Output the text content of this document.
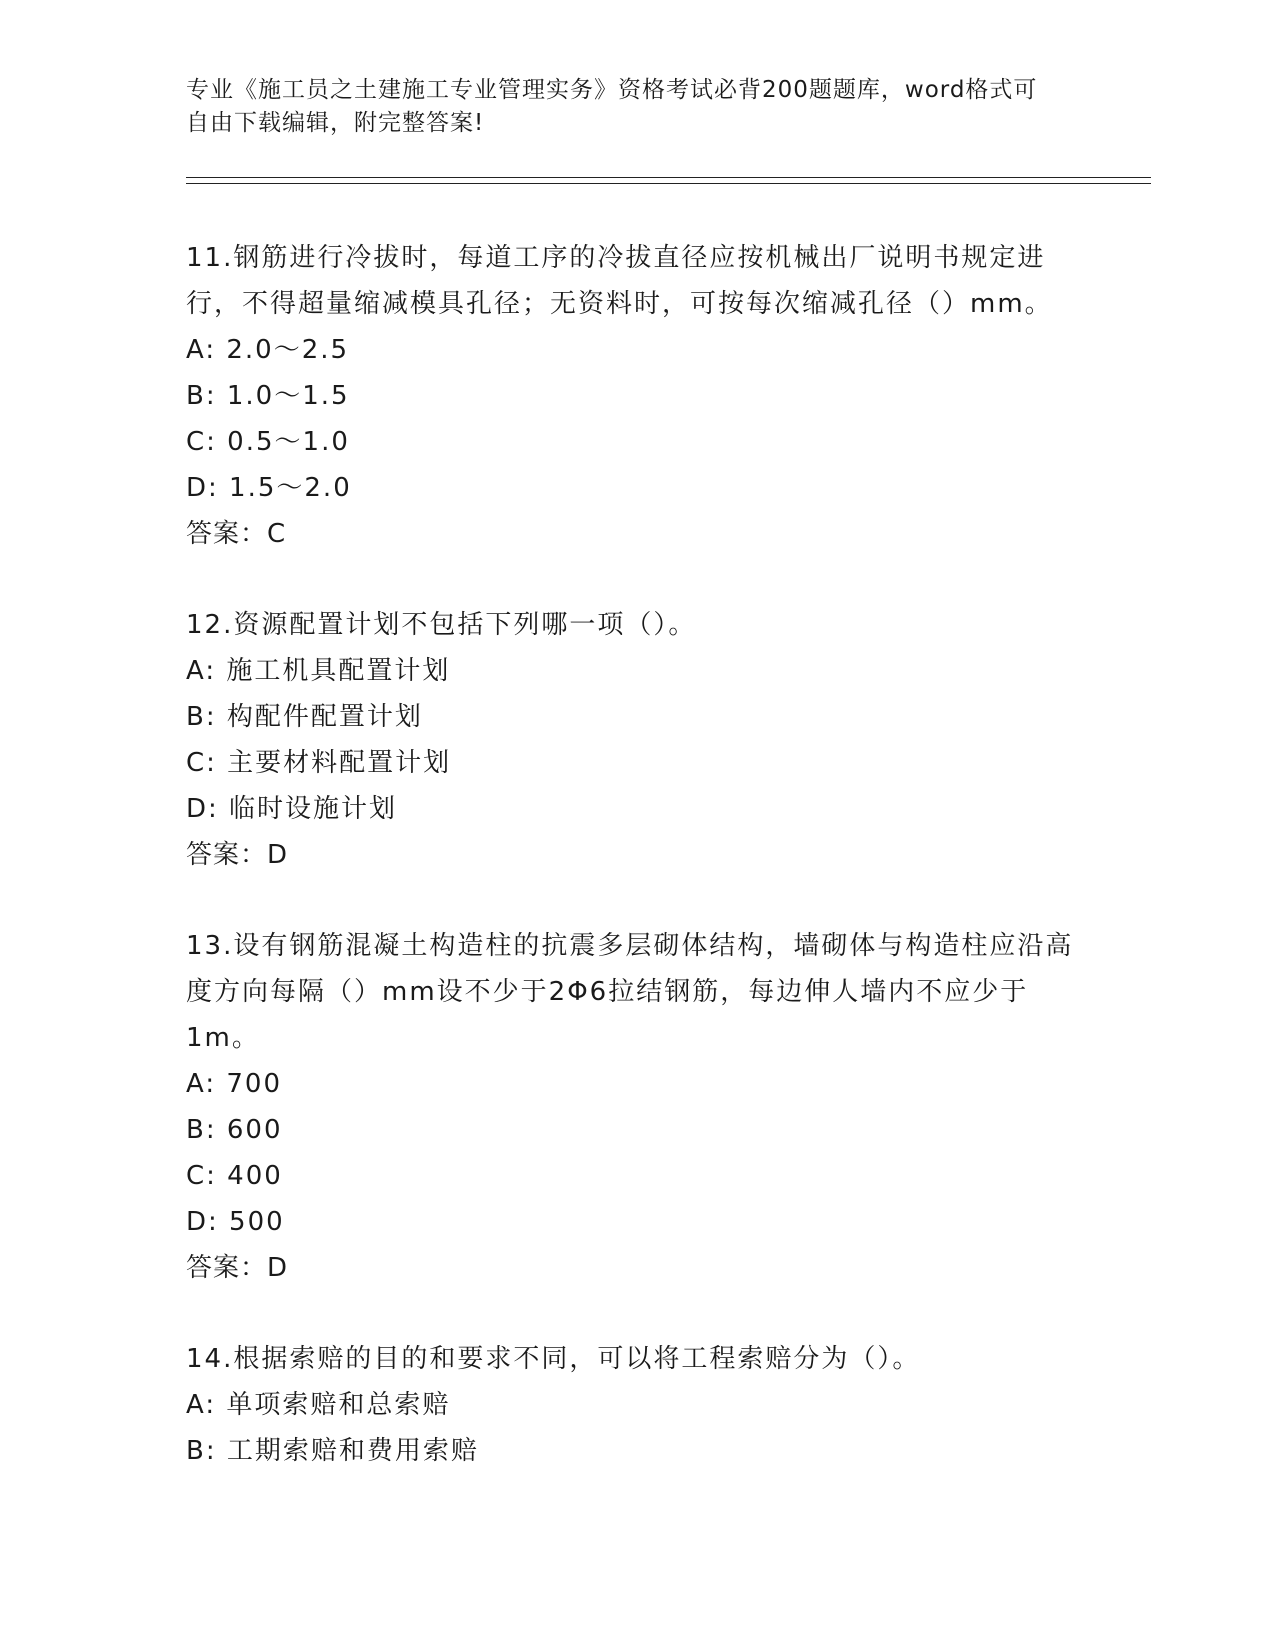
专业《施工员之土建施工专业管理实务》资格考试必背200题题库，word格式可
自由下载编辑，附完整答案!
11.钢筋进行冷拔时，每道工序的冷拔直径应按机械出厂说明书规定进行，不得超量缩减模具孔径；无资料时，可按每次缩减孔径（）mm。
A: 2.0～2.5
B: 1.0～1.5
C: 0.5～1.0
D: 1.5～2.0
答案：C
12.资源配置计划不包括下列哪一项（）。
A: 施工机具配置计划
B: 构配件配置计划
C: 主要材料配置计划
D: 临时设施计划
答案：D
13.设有钢筋混凝土构造柱的抗震多层砌体结构，墙砌体与构造柱应沿高度方向每隔（）mm设不少于2Φ6拉结钢筋，每边伸人墙内不应少于1m。
A: 700
B: 600
C: 400
D: 500
答案：D
14.根据索赔的目的和要求不同，可以将工程索赔分为（）。
A: 单项索赔和总索赔
B: 工期索赔和费用索赔
